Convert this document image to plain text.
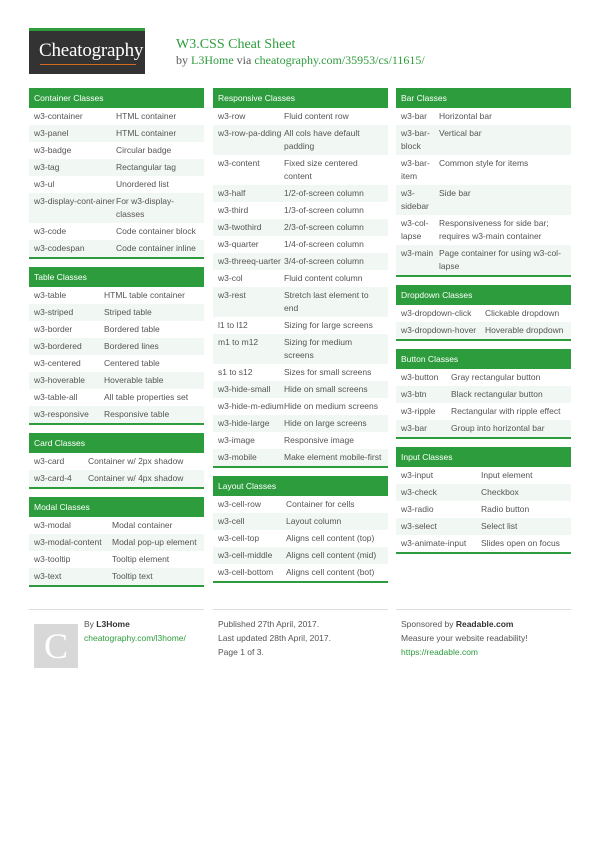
Cheatography W3.CSS Cheat Sheet
by L3Home via cheatography.com/35953/cs/11615/
Container Classes
w3-container	HTML container
w3-panel	HTML container
w3-badge	Circular badge
w3-tag	Rectangular tag
w3-ul	Unordered list
w3-display-cont-ainer For w3-display-classes
w3-code	Code container block
w3-codespan	Code container inline
Table Classes
w3-table	HTML table container
w3-striped	Striped table
w3-border	Bordered table
w3-bordered	Bordered lines
w3-centered	Centered table
w3-hoverable	Hoverable table
w3-table-all	All table properties set
w3-responsive	Responsive table
Card Classes
w3-card	Container w/ 2px shadow
w3-card-4	Container w/ 4px shadow
Modal Classes
w3-modal	Modal container
w3-modal-content	Modal pop-up element
w3-tooltip	Tooltip element
w3-text	Tooltip text
Responsive Classes
w3-row	Fluid content row
w3-row-pa-dding All cols have default padding
w3-content	Fixed size centered content
w3-half	1/2-of-screen column
w3-third	1/3-of-screen column
w3-twothird	2/3-of-screen column
w3-quarter	1/4-of-screen column
w3-threeq-uarter 3/4-of-screen column
w3-col	Fluid content column
w3-rest	Stretch last element to end
l1 to l12	Sizing for large screens
m1 to m12	Sizing for medium screens
s1 to s12	Sizes for small screens
w3-hide-small	Hide on small screens
w3-hide-m-edium Hide on medium screens
w3-hide-large	Hide on large screens
w3-image	Responsive image
w3-mobile	Make element mobile-first
Layout Classes
w3-cell-row	Container for cells
w3-cell	Layout column
w3-cell-top	Aligns cell content (top)
w3-cell-middle	Aligns cell content (mid)
w3-cell-bottom	Aligns cell content (bot)
Bar Classes
w3-bar	Horizontal bar
w3-bar-block
Vertical bar
w3-bar-item
Common style for items
w3-sidebar
Side bar
w3-col-lapse
Responsiveness for side bar; requires w3-main container
w3-main Page container for using w3-col-lapse
Dropdown Classes
w3-dropdown-click	Clickable dropdown
w3-dropdown-hover	Hoverable dropdown
Button Classes
w3-button	Gray rectangular button
w3-btn	Black rectangular button
w3-ripple	Rectangular with ripple effect
w3-bar	Group into horizontal bar
Input Classes
w3-input	Input element
w3-check	Checkbox
w3-radio	Radio button
w3-select	Select list
w3-animate-input	Slides open on focus
C
By L3Home
cheatography.com/l3home/
Published 27th April, 2017.
Last updated 28th April, 2017.
Page 1 of 3.
Sponsored by Readable.com
Measure your website readability!
https://readable.com
